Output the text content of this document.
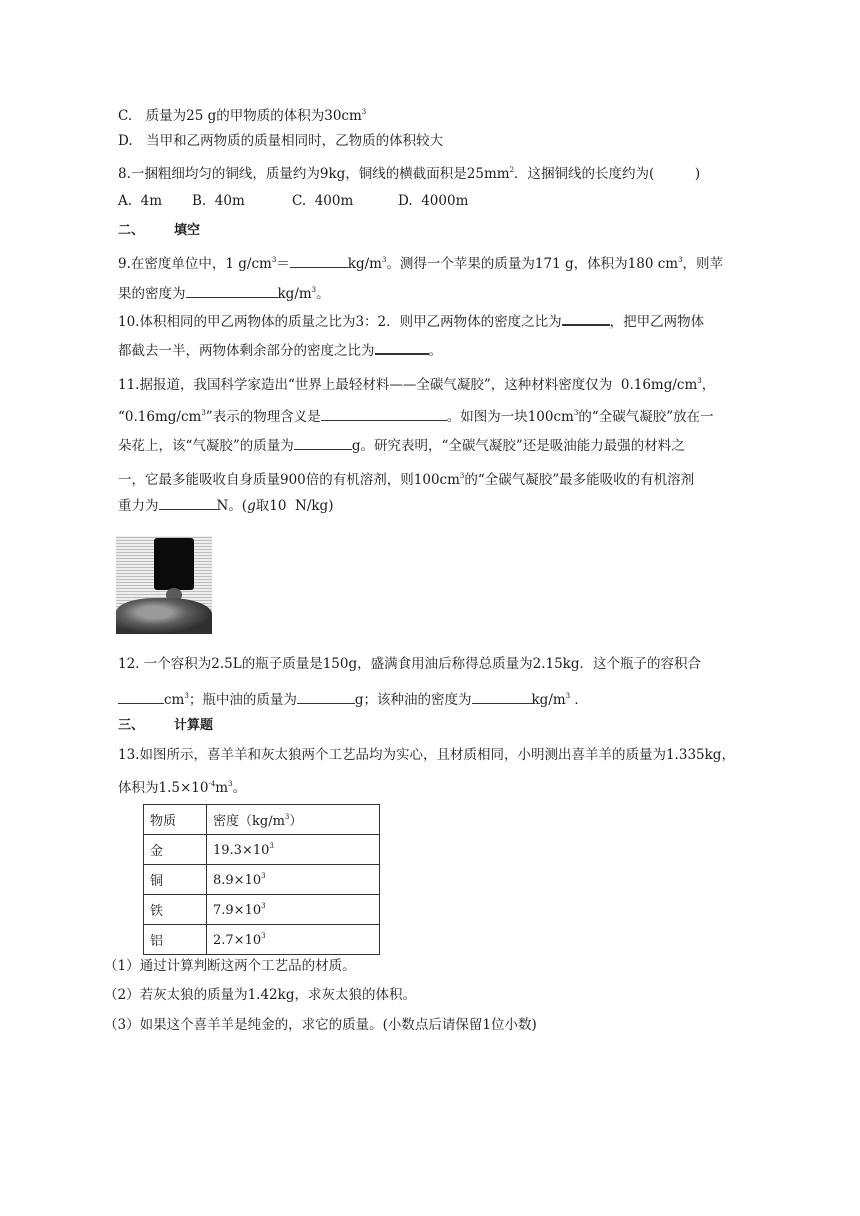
C.　质量为25 g的甲物质的体积为$30cm^3$
D.　当甲和乙两物质的质量相同时，乙物质的体积较大
8.一捆粗细均匀的铜线，质量约为9kg，铜线的横截面积是$25mm^2$．这捆铜线的长度约为(　　　)
A.  4m B.  40m	C.  400m	D.  4000m
二、 填空
9.在密度单位中，1 $g/cm^3=$	$kg/m^3$。测得一个苹果的质量为171 g，体积为180 $cm^3$，则苹
果的密度为	$kg/m^3$。
10.体积相同的甲乙两物体的质量之比为3：2．则甲乙两物体的密度之比为	，把甲乙两物体
都截去一半，两物体剩余部分的密度之比为	。
11.据报道，我国科学家造出“世界上最轻材料——全碳气凝胶”，这种材料密度仅为  $0.16mg/cm^3$，
“$0.16mg/cm^3$”表示的物理含义是	。如图为一块$100cm^3$的“全碳气凝胶”放在一
朵花上，该“气凝胶”的质量为	g。研究表明，“全碳气凝胶”还是吸油能力最强的材料之
一，它最多能吸收自身质量900倍的有机溶剂，则$100cm^3$的“全碳气凝胶”最多能吸收的有机溶剂
重力为	N。(g取10  N/kg)
12. 一个容积为2.5L的瓶子质量是150g，盛满食用油后称得总质量为2.15kg．这个瓶子的容积合
$cm^3$；瓶中油的质量为	g；该种油的密度为	$kg/m^3$ ．
三、 计算题
13.如图所示，喜羊羊和灰太狼两个工艺品均为实心，且材质相同，小明测出喜羊羊的质量为1.335kg，
体积为$1.5\times 10^{-4}m^3$。
物质	密度$(kg/m^3)$
金	$19.3\times 10^3$
铜	$8.9\times 10^3$
铁	$7.9\times 10^3$
铝	$2.7\times 10^3$
（1）通过计算判断这两个工艺品的材质。
（2）若灰太狼的质量为1.42kg，求灰太狼的体积。
（3）如果这个喜羊羊是纯金的，求它的质量。(小数点后请保留1位小数)
